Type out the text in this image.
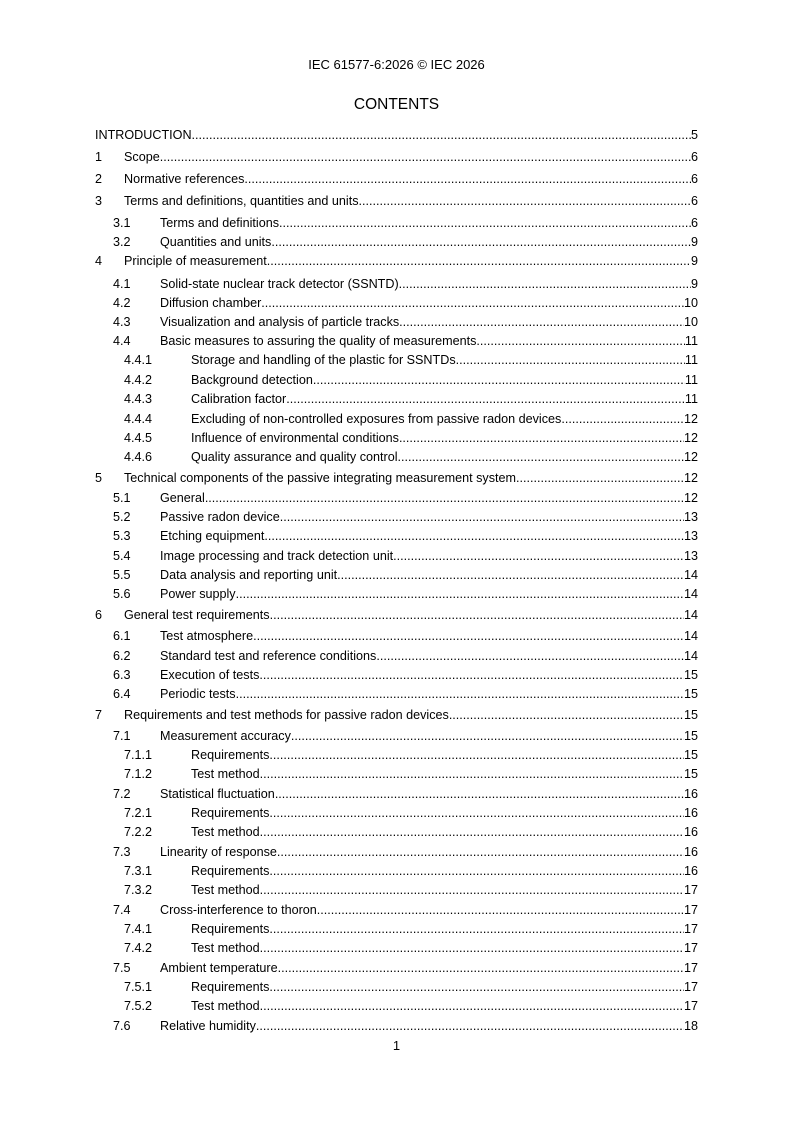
IEC 61577-6:2026 © IEC 2026
CONTENTS
INTRODUCTION .....	5
1	Scope .....	6
2	Normative references .....	6
3	Terms and definitions, quantities and units .....	6
3.1	Terms and definitions .....	6
3.2	Quantities and units .....	9
4	Principle of measurement .....	9
4.1	Solid-state nuclear track detector (SSNTD) .....	9
4.2	Diffusion chamber .....	10
4.3	Visualization and analysis of particle tracks .....	10
4.4	Basic measures to assuring the quality of measurements .....	11
4.4.1	Storage and handling of the plastic for SSNTDs .....	11
4.4.2	Background detection .....	11
4.4.3	Calibration factor .....	11
4.4.4	Excluding of non-controlled exposures from passive radon devices .....	12
4.4.5	Influence of environmental conditions .....	12
4.4.6	Quality assurance and quality control .....	12
5	Technical components of the passive integrating measurement system .....	12
5.1	General .....	12
5.2	Passive radon device .....	13
5.3	Etching equipment .....	13
5.4	Image processing and track detection unit .....	13
5.5	Data analysis and reporting unit .....	14
5.6	Power supply .....	14
6	General test requirements .....	14
6.1	Test atmosphere .....	14
6.2	Standard test and reference conditions .....	14
6.3	Execution of tests .....	15
6.4	Periodic tests .....	15
7	Requirements and test methods for passive radon devices .....	15
7.1	Measurement accuracy .....	15
7.1.1	Requirements .....	15
7.1.2	Test method .....	15
7.2	Statistical fluctuation .....	16
7.2.1	Requirements .....	16
7.2.2	Test method .....	16
7.3	Linearity of response .....	16
7.3.1	Requirements .....	16
7.3.2	Test method .....	17
7.4	Cross-interference to thoron .....	17
7.4.1	Requirements .....	17
7.4.2	Test method .....	17
7.5	Ambient temperature .....	17
7.5.1	Requirements .....	17
7.5.2	Test method .....	17
7.6	Relative humidity .....	18
1
